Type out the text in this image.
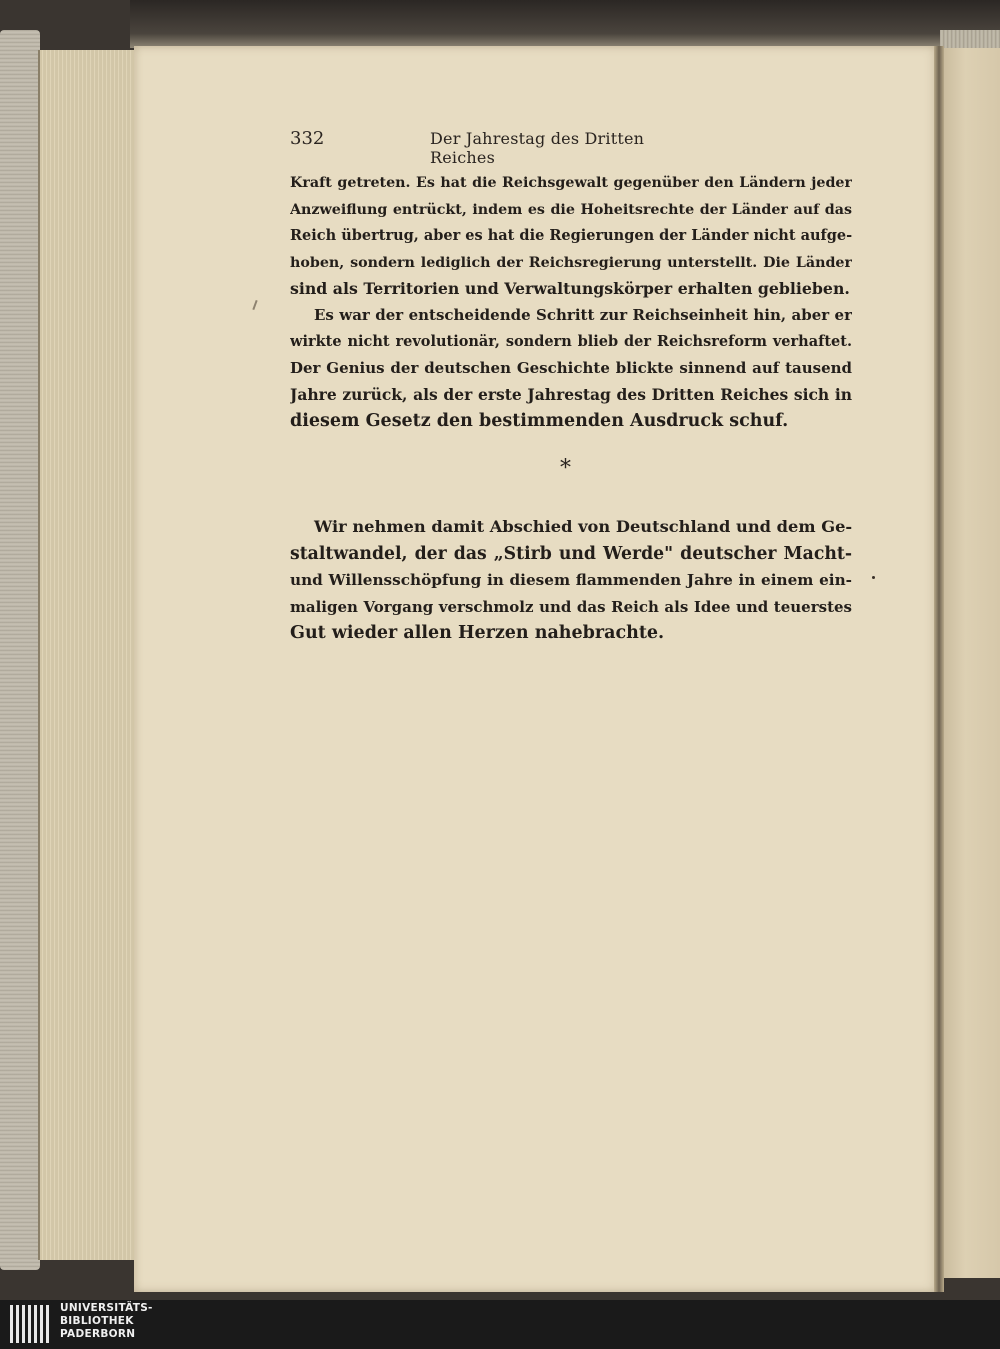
332	Der Jahrestag des Dritten Reiches
Kraft getreten. Es hat die Reichsgewalt gegenüber den Ländern jeder
Anzweiflung entrückt, indem es die Hoheitsrechte der Länder auf das
Reich übertrug, aber es hat die Regierungen der Länder nicht aufge-
hoben, sondern lediglich der Reichsregierung unterstellt. Die Länder
sind als Territorien und Verwaltungskörper erhalten geblieben.
Es war der entscheidende Schritt zur Reichseinheit hin, aber er
wirkte nicht revolutionär, sondern blieb der Reichsreform verhaftet.
Der Genius der deutschen Geschichte blickte sinnend auf tausend
Jahre zurück, als der erste Jahrestag des Dritten Reiches sich in
diesem Gesetz den bestimmenden Ausdruck schuf.
*
Wir nehmen damit Abschied von Deutschland und dem Ge-
staltwandel, der das „Stirb und Werde" deutscher Macht-
und Willensschöpfung in diesem flammenden Jahre in einem ein-
maligen Vorgang verschmolz und das Reich als Idee und teuerstes
Gut wieder allen Herzen nahebrachte.
UNIVERSITÄTS-
BIBLIOTHEK
PADERBORN
